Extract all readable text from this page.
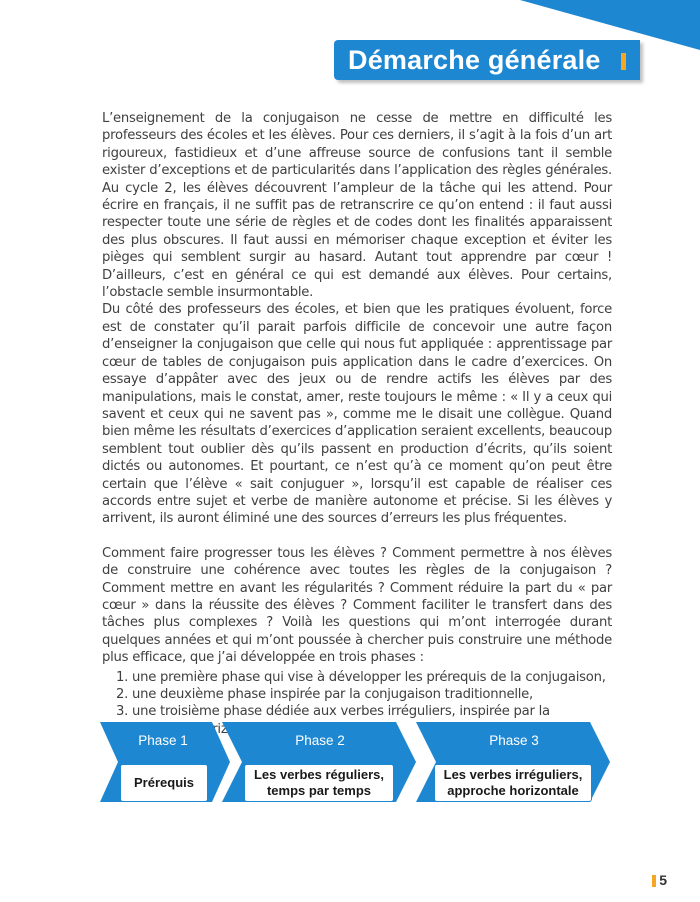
Démarche générale

L’enseignement de la conjugaison ne cesse de mettre en difficulté les professeurs des écoles et les élèves. Pour ces derniers, il s’agit à la fois d’un art rigoureux, fastidieux et d’une affreuse source de confusions tant il semble exister d’exceptions et de particularités dans l’application des règles générales. Au cycle 2, les élèves découvrent l’ampleur de la tâche qui les attend. Pour écrire en français, il ne suffit pas de retranscrire ce qu’on entend : il faut aussi respecter toute une série de règles et de codes dont les finalités apparaissent des plus obscures. Il faut aussi en mémoriser chaque exception et éviter les pièges qui semblent surgir au hasard. Autant tout apprendre par cœur ! D’ailleurs, c’est en général ce qui est demandé aux élèves. Pour certains, l’obstacle semble insurmontable.

Du côté des professeurs des écoles, et bien que les pratiques évoluent, force est de constater qu’il parait parfois difficile de concevoir une autre façon d’enseigner la conjugaison que celle qui nous fut appliquée : apprentissage par cœur de tables de conjugaison puis application dans le cadre d’exercices. On essaye d’appâter avec des jeux ou de rendre actifs les élèves par des manipulations, mais le constat, amer, reste toujours le même : « Il y a ceux qui savent et ceux qui ne savent pas », comme me le disait une collègue. Quand bien même les résultats d’exercices d’application seraient excellents, beaucoup semblent tout oublier dès qu’ils passent en production d’écrits, qu’ils soient dictés ou autonomes. Et pourtant, ce n’est qu’à ce moment qu’on peut être certain que l’élève « sait conjuguer », lorsqu’il est capable de réaliser ces accords entre sujet et verbe de manière autonome et précise. Si les élèves y arrivent, ils auront éliminé une des sources d’erreurs les plus fréquentes.

Comment faire progresser tous les élèves ? Comment permettre à nos élèves de construire une cohérence avec toutes les règles de la conjugaison ? Comment mettre en avant les régularités ? Comment réduire la part du « par cœur » dans la réussite des élèves ? Comment faciliter le transfert dans des tâches plus complexes ? Voilà les questions qui m’ont interrogée durant quelques années et qui m’ont poussée à chercher puis construire une méthode plus efficace, que j’ai développée en trois phases :

1. une première phase qui vise à développer les prérequis de la conjugaison,
2. une deuxième phase inspirée par la conjugaison traditionnelle,
3. une troisième phase dédiée aux verbes irréguliers, inspirée par la
Phase 1
Prérequis
Phase 2
Les verbes réguliers,
temps par temps
Phase 3
Les verbes irréguliers,
approche horizontale
5
